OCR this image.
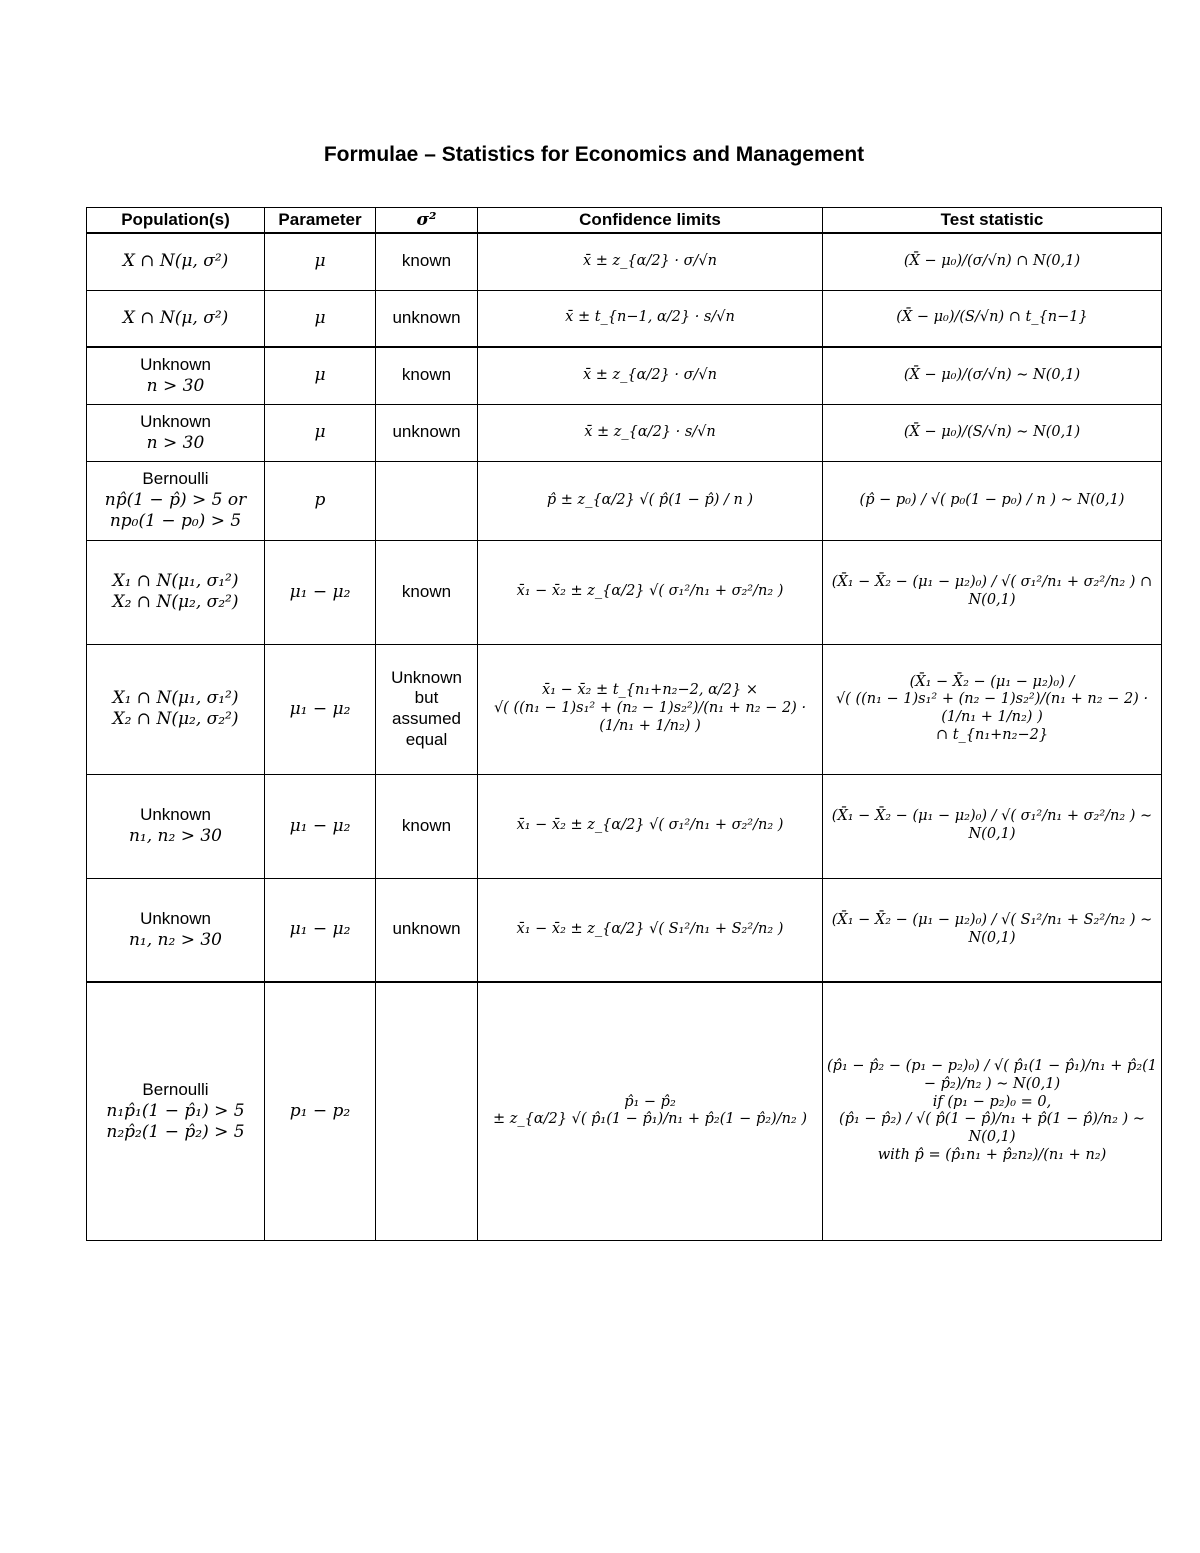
Formulae – Statistics for Economics and Management
Population(s)	Parameter	σ²	Confidence limits	Test statistic

X ∩ N(μ, σ²)	μ	known	x̄ ± z_{α/2} · σ/√n	(X̄ − μ₀)/(σ/√n) ∩ N(0,1)

X ∩ N(μ, σ²)	μ	unknown	x̄ ± t_{n−1, α/2} · s/√n	(X̄ − μ₀)/(S/√n) ∩ t_{n−1}

Unknown
n > 30	μ	known	x̄ ± z_{α/2} · σ/√n	(X̄ − μ₀)/(σ/√n) ∼ N(0,1)

Unknown
n > 30	μ	unknown	x̄ ± z_{α/2} · s/√n	(X̄ − μ₀)/(S/√n) ∼ N(0,1)

Bernoulli
np̂(1 − p̂) > 5 or
np₀(1 − p₀) > 5	p		p̂ ± z_{α/2} √( p̂(1 − p̂) / n )	(p̂ − p₀) / √( p₀(1 − p₀) / n ) ∼ N(0,1)

X₁ ∩ N(μ₁, σ₁²)
X₂ ∩ N(μ₂, σ₂²)	μ₁ − μ₂	known	x̄₁ − x̄₂ ± z_{α/2} √( σ₁²/n₁ + σ₂²/n₂ )	(X̄₁ − X̄₂ − (μ₁ − μ₂)₀) / √( σ₁²/n₁ + σ₂²/n₂ ) ∩ N(0,1)

X₁ ∩ N(μ₁, σ₁²)
X₂ ∩ N(μ₂, σ₂²)	μ₁ − μ₂	Unknown
but
assumed
equal	x̄₁ − x̄₂ ± t_{n₁+n₂−2, α/2} ×
√( ((n₁ − 1)s₁² + (n₂ − 1)s₂²)/(n₁ + n₂ − 2) · (1/n₁ + 1/n₂) )	(X̄₁ − X̄₂ − (μ₁ − μ₂)₀) /
√( ((n₁ − 1)s₁² + (n₂ − 1)s₂²)/(n₁ + n₂ − 2) · (1/n₁ + 1/n₂) )
∩ t_{n₁+n₂−2}

Unknown
n₁, n₂ > 30	μ₁ − μ₂	known	x̄₁ − x̄₂ ± z_{α/2} √( σ₁²/n₁ + σ₂²/n₂ )	(X̄₁ − X̄₂ − (μ₁ − μ₂)₀) / √( σ₁²/n₁ + σ₂²/n₂ ) ∼ N(0,1)

Unknown
n₁, n₂ > 30	μ₁ − μ₂	unknown	x̄₁ − x̄₂ ± z_{α/2} √( S₁²/n₁ + S₂²/n₂ )	(X̄₁ − X̄₂ − (μ₁ − μ₂)₀) / √( S₁²/n₁ + S₂²/n₂ ) ∼ N(0,1)

Bernoulli
n₁p̂₁(1 − p̂₁) > 5
n₂p̂₂(1 − p̂₂) > 5	p₁ − p₂		p̂₁ − p̂₂
± z_{α/2} √( p̂₁(1 − p̂₁)/n₁ + p̂₂(1 − p̂₂)/n₂ )	(p̂₁ − p̂₂ − (p₁ − p₂)₀) / √( p̂₁(1 − p̂₁)/n₁ + p̂₂(1 − p̂₂)/n₂ ) ∼ N(0,1)
if (p₁ − p₂)₀ = 0,
(p̂₁ − p̂₂) / √( p̂(1 − p̂)/n₁ + p̂(1 − p̂)/n₂ ) ∼ N(0,1)
with p̂ = (p̂₁n₁ + p̂₂n₂)/(n₁ + n₂)
